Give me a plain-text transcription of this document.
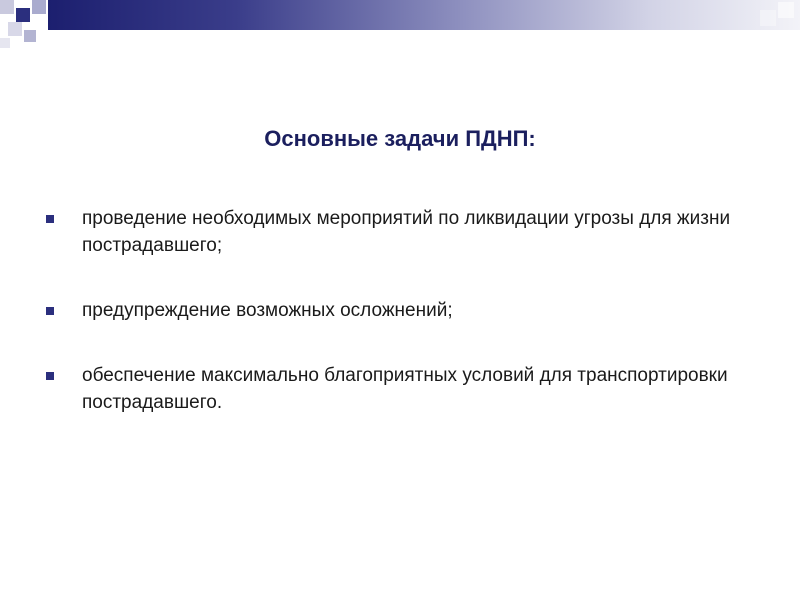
Основные задачи ПДНП:
проведение необходимых мероприятий по ликвидации угрозы для жизни пострадавшего;
предупреждение возможных осложнений;
обеспечение максимально благоприятных условий для транспортировки пострадавшего.
